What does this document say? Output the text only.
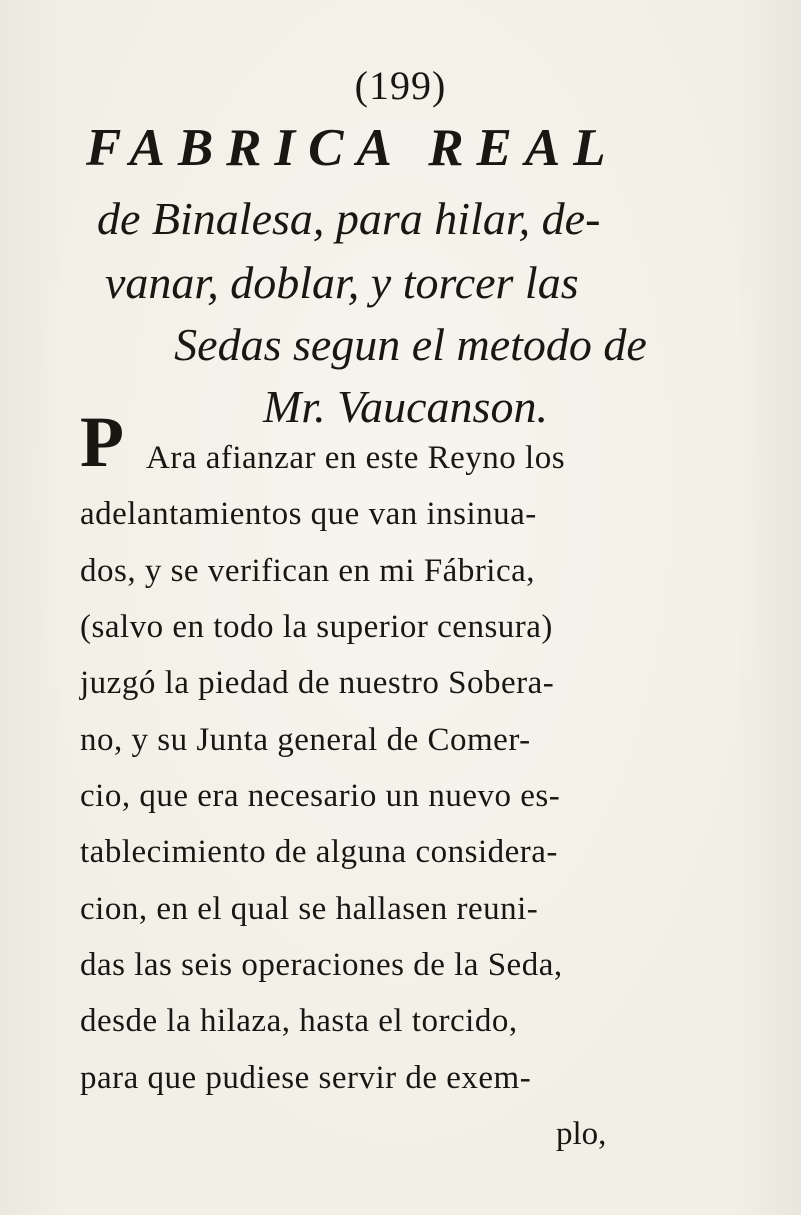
(199)
FABRICA REAL
de Binalesa, para hilar, de-
vanar, doblar, y torcer las
Sedas segun el metodo de
Mr. Vaucanson.
P Ara afianzar en este Reyno los
adelantamientos que van insinua-
dos, y se verifican en mi Fábrica,
(salvo en todo la superior censura)
juzgó la piedad de nuestro Sobera-
no, y su Junta general de Comer-
cio, que era necesario un nuevo es-
tablecimiento de alguna considera-
cion, en el qual se hallasen reuni-
das las seis operaciones de la Seda,
desde la hilaza, hasta el torcido,
para que pudiese servir de exem-
plo,
